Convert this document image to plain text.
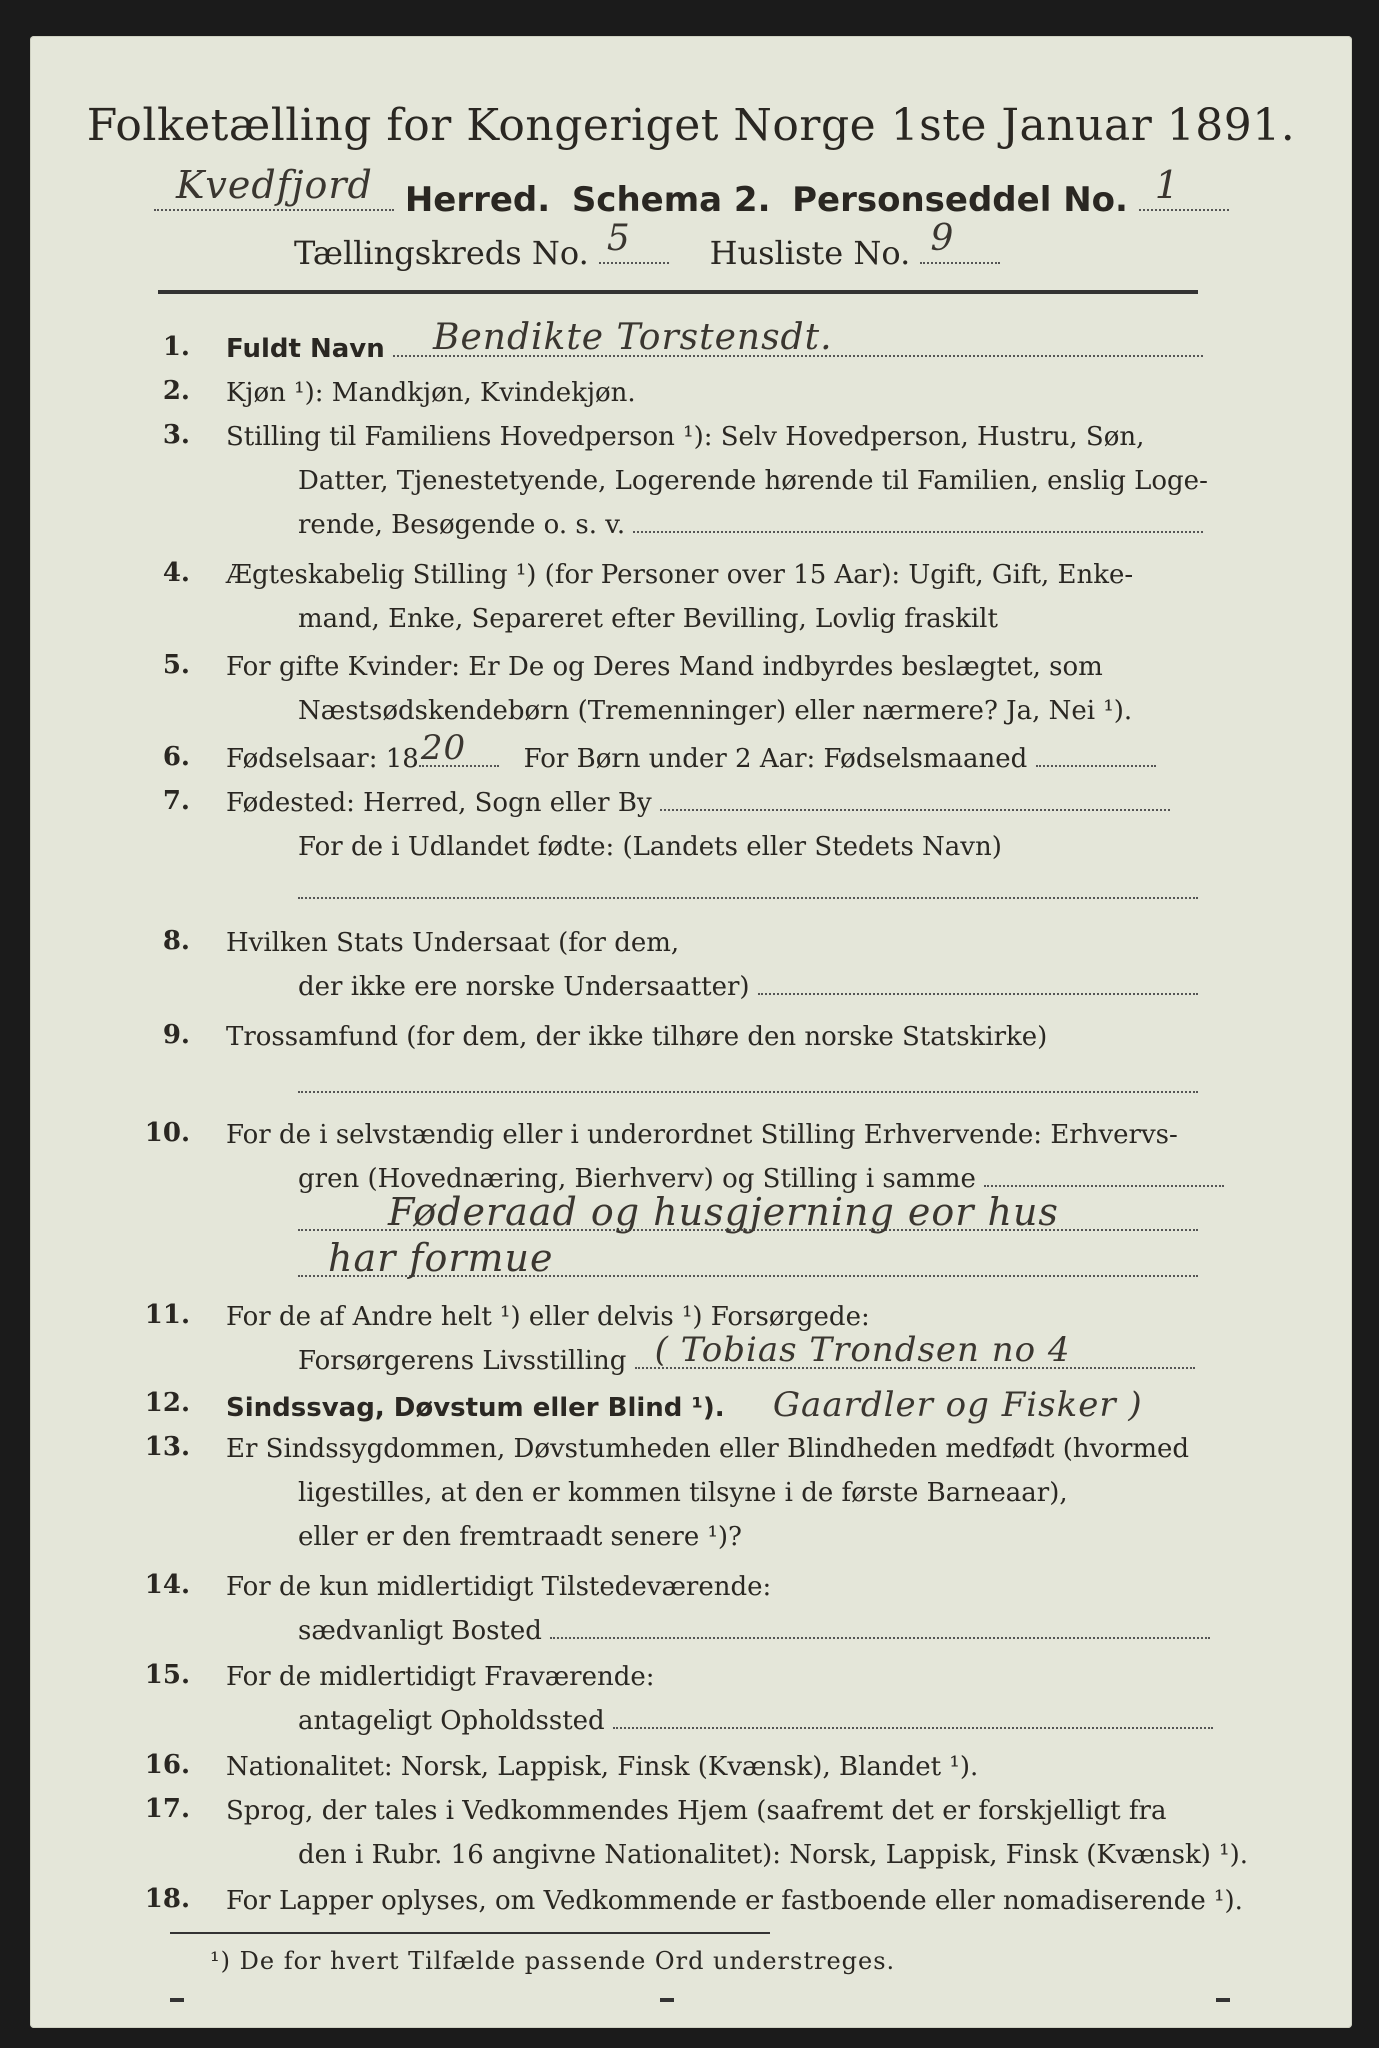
Folketælling for Kongeriget Norge 1ste Januar 1891.
Kvedfjord Herred. Schema 2. Personseddel No. 1
Tællingskreds No. 5 Husliste No. 9
1. Fuldt Navn Bendikte Torstensdt.
2. Kjøn ¹): Mandkjøn, Kvindekjøn.
3. Stilling til Familiens Hovedperson ¹): Selv Hovedperson, Hustru, Søn,
Datter, Tjenestetyende, Logerende hørende til Familien, enslig Loge-
rende, Besøgende o. s. v.
4. Ægteskabelig Stilling ¹) (for Personer over 15 Aar): Ugift, Gift, Enke-
mand, Enke, Separeret efter Bevilling, Lovlig fraskilt
5. For gifte Kvinder: Er De og Deres Mand indbyrdes beslægtet, som
Næstsødskendebørn (Tremenninger) eller nærmere? Ja, Nei ¹).
6. Fødselsaar: 18 20 For Børn under 2 Aar: Fødselsmaaned
7. Fødested: Herred, Sogn eller By
For de i Udlandet fødte: (Landets eller Stedets Navn)
8. Hvilken Stats Undersaat (for dem,
der ikke ere norske Undersaatter)
9. Trossamfund (for dem, der ikke tilhøre den norske Statskirke)
10. For de i selvstændig eller i underordnet Stilling Erhvervende: Erhvervs-
gren (Hovednæring, Bierhverv) og Stilling i samme
Føderaad og husgjerning eor hus
har formue
11. For de af Andre helt ¹) eller delvis ¹) Forsørgede:
Forsørgerens Livsstilling ( Tobias Trondsen no 4
12. Sindssvag, Døvstum eller Blind ¹). Gaardler og Fisker )
13. Er Sindssygdommen, Døvstumheden eller Blindheden medfødt (hvormed
ligestilles, at den er kommen tilsyne i de første Barneaar),
eller er den fremtraadt senere ¹)?
14. For de kun midlertidigt Tilstedeværende:
sædvanligt Bosted
15. For de midlertidigt Fraværende:
antageligt Opholdssted
16. Nationalitet: Norsk, Lappisk, Finsk (Kvænsk), Blandet ¹).
17. Sprog, der tales i Vedkommendes Hjem (saafremt det er forskjelligt fra
den i Rubr. 16 angivne Nationalitet): Norsk, Lappisk, Finsk (Kvænsk) ¹).
18. For Lapper oplyses, om Vedkommende er fastboende eller nomadiserende ¹).
¹) De for hvert Tilfælde passende Ord understreges.
